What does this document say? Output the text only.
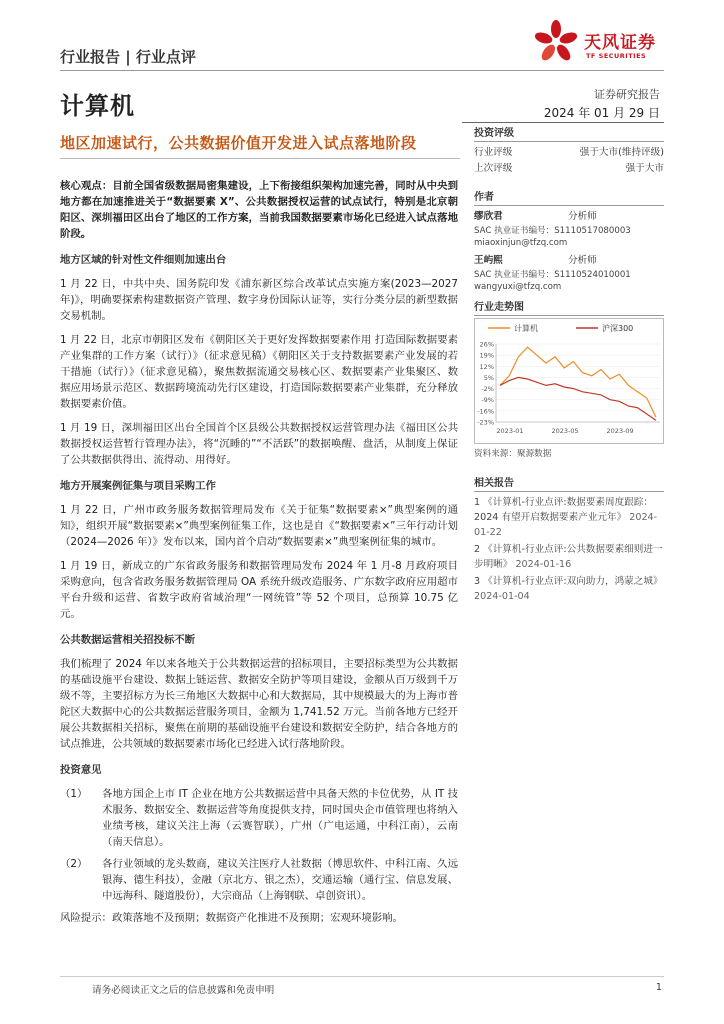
天风证券
TF SECURITIES
行业报告 | 行业点评
计算机	证券研究报告
2024 年 01 月 29 日
地区加速试行，公共数据价值开发进入试点落地阶段

核心观点：目前全国省级数据局密集建设，上下衔接组织架构加速完善，同时从中央到地方都在加速推进关于“数据要素 X”、公共数据授权运营的试点试行，特别是北京朝阳区、深圳福田区出台了地区的工作方案，当前我国数据要素市场化已经进入试点落地阶段。

地方区域的针对性文件细则加速出台

1 月 22 日，中共中央、国务院印发《浦东新区综合改革试点实施方案(2023—2027 年)》，明确要探索构建数据资产管理、数字身份国际认证等，实行分类分层的新型数据交易机制。

1 月 22 日，北京市朝阳区发布《朝阳区关于更好发挥数据要素作用 打造国际数据要素产业集群的工作方案（试行）》（征求意见稿）《朝阳区关于支持数据要素产业发展的若干措施（试行）》（征求意见稿），聚焦数据流通交易核心区、数据要素产业集聚区、数据应用场景示范区、数据跨境流动先行区建设，打造国际数据要素产业集群，充分释放数据要素价值。

1 月 19 日，深圳福田区出台全国首个区县级公共数据授权运营管理办法《福田区公共数据授权运营暂行管理办法》，将“沉睡的”“不活跃”的数据唤醒、盘活，从制度上保证了公共数据供得出、流得动、用得好。

地方开展案例征集与项目采购工作

1 月 22 日，广州市政务服务数据管理局发布《关于征集“数据要素×”典型案例的通知》，组织开展“数据要素×”典型案例征集工作，这也是自《“数据要素×”三年行动计划（2024—2026 年）》发布以来，国内首个启动“数据要素×”典型案例征集的城市。

1 月 19 日，新成立的广东省政务服务和数据管理局发布 2024 年 1 月-8 月政府项目采购意向，包含省政务服务数据管理局 OA 系统升级改造服务、广东数字政府应用超市平台升级和运营、省数字政府省域治理“一网统管”等 52 个项目，总预算 10.75 亿元。

公共数据运营相关招投标不断

我们梳理了 2024 年以来各地关于公共数据运营的招标项目，主要招标类型为公共数据的基础设施平台建设、数据上链运营、数据安全防护等项目建设，金额从百万级到千万级不等，主要招标方为长三角地区大数据中心和大数据局，其中规模最大的为上海市普陀区大数据中心的公共数据运营服务项目，金额为 1,741.52 万元。当前各地方已经开展公共数据相关招标，聚焦在前期的基础设施平台建设和数据安全防护，结合各地方的试点推进，公共领域的数据要素市场化已经进入试行落地阶段。

投资意见

（1）	各地方国企上市 IT 企业在地方公共数据运营中具备天然的卡位优势，从 IT 技术服务、数据安全、数据运营等角度提供支持，同时国央企市值管理也将纳入业绩考核，建议关注上海（云赛智联），广州（广电运通，中科江南），云南（南天信息）。
（2）	各行业领域的龙头数商，建议关注医疗人社数据（博思软件、中科江南、久远银海、德生科技），金融（京北方、银之杰），交通运输（通行宝、信息发展、中远海科、隧道股份），大宗商品（上海钢联、卓创资讯）。

风险提示：政策落地不及预期；数据资产化推进不及预期；宏观环境影响。

投资评级
行业评级	强于大市(维持评级)
上次评级	强于大市
作者
缪欣君	分析师
SAC 执业证书编号：S1110517080003
miaoxinjun@tfzq.com
王屿熙	分析师
SAC 执业证书编号：S1110524010001
wangyuxi@tfzq.com
行业走势图
计算机	沪深300
26%
19%
12%
5%
-2%
-9%
-16%
-23%
2023-01	2023-05	2023-09
资料来源：聚源数据
相关报告
1 《计算机-行业点评:数据要素周度跟踪：2024 有望开启数据要素产业元年》 2024-01-22
2 《计算机-行业点评:公共数据要素细则进一步明晰》 2024-01-16
3 《计算机-行业点评:双向助力，鸿蒙之城》 2024-01-04
请务必阅读正文之后的信息披露和免责申明	1
